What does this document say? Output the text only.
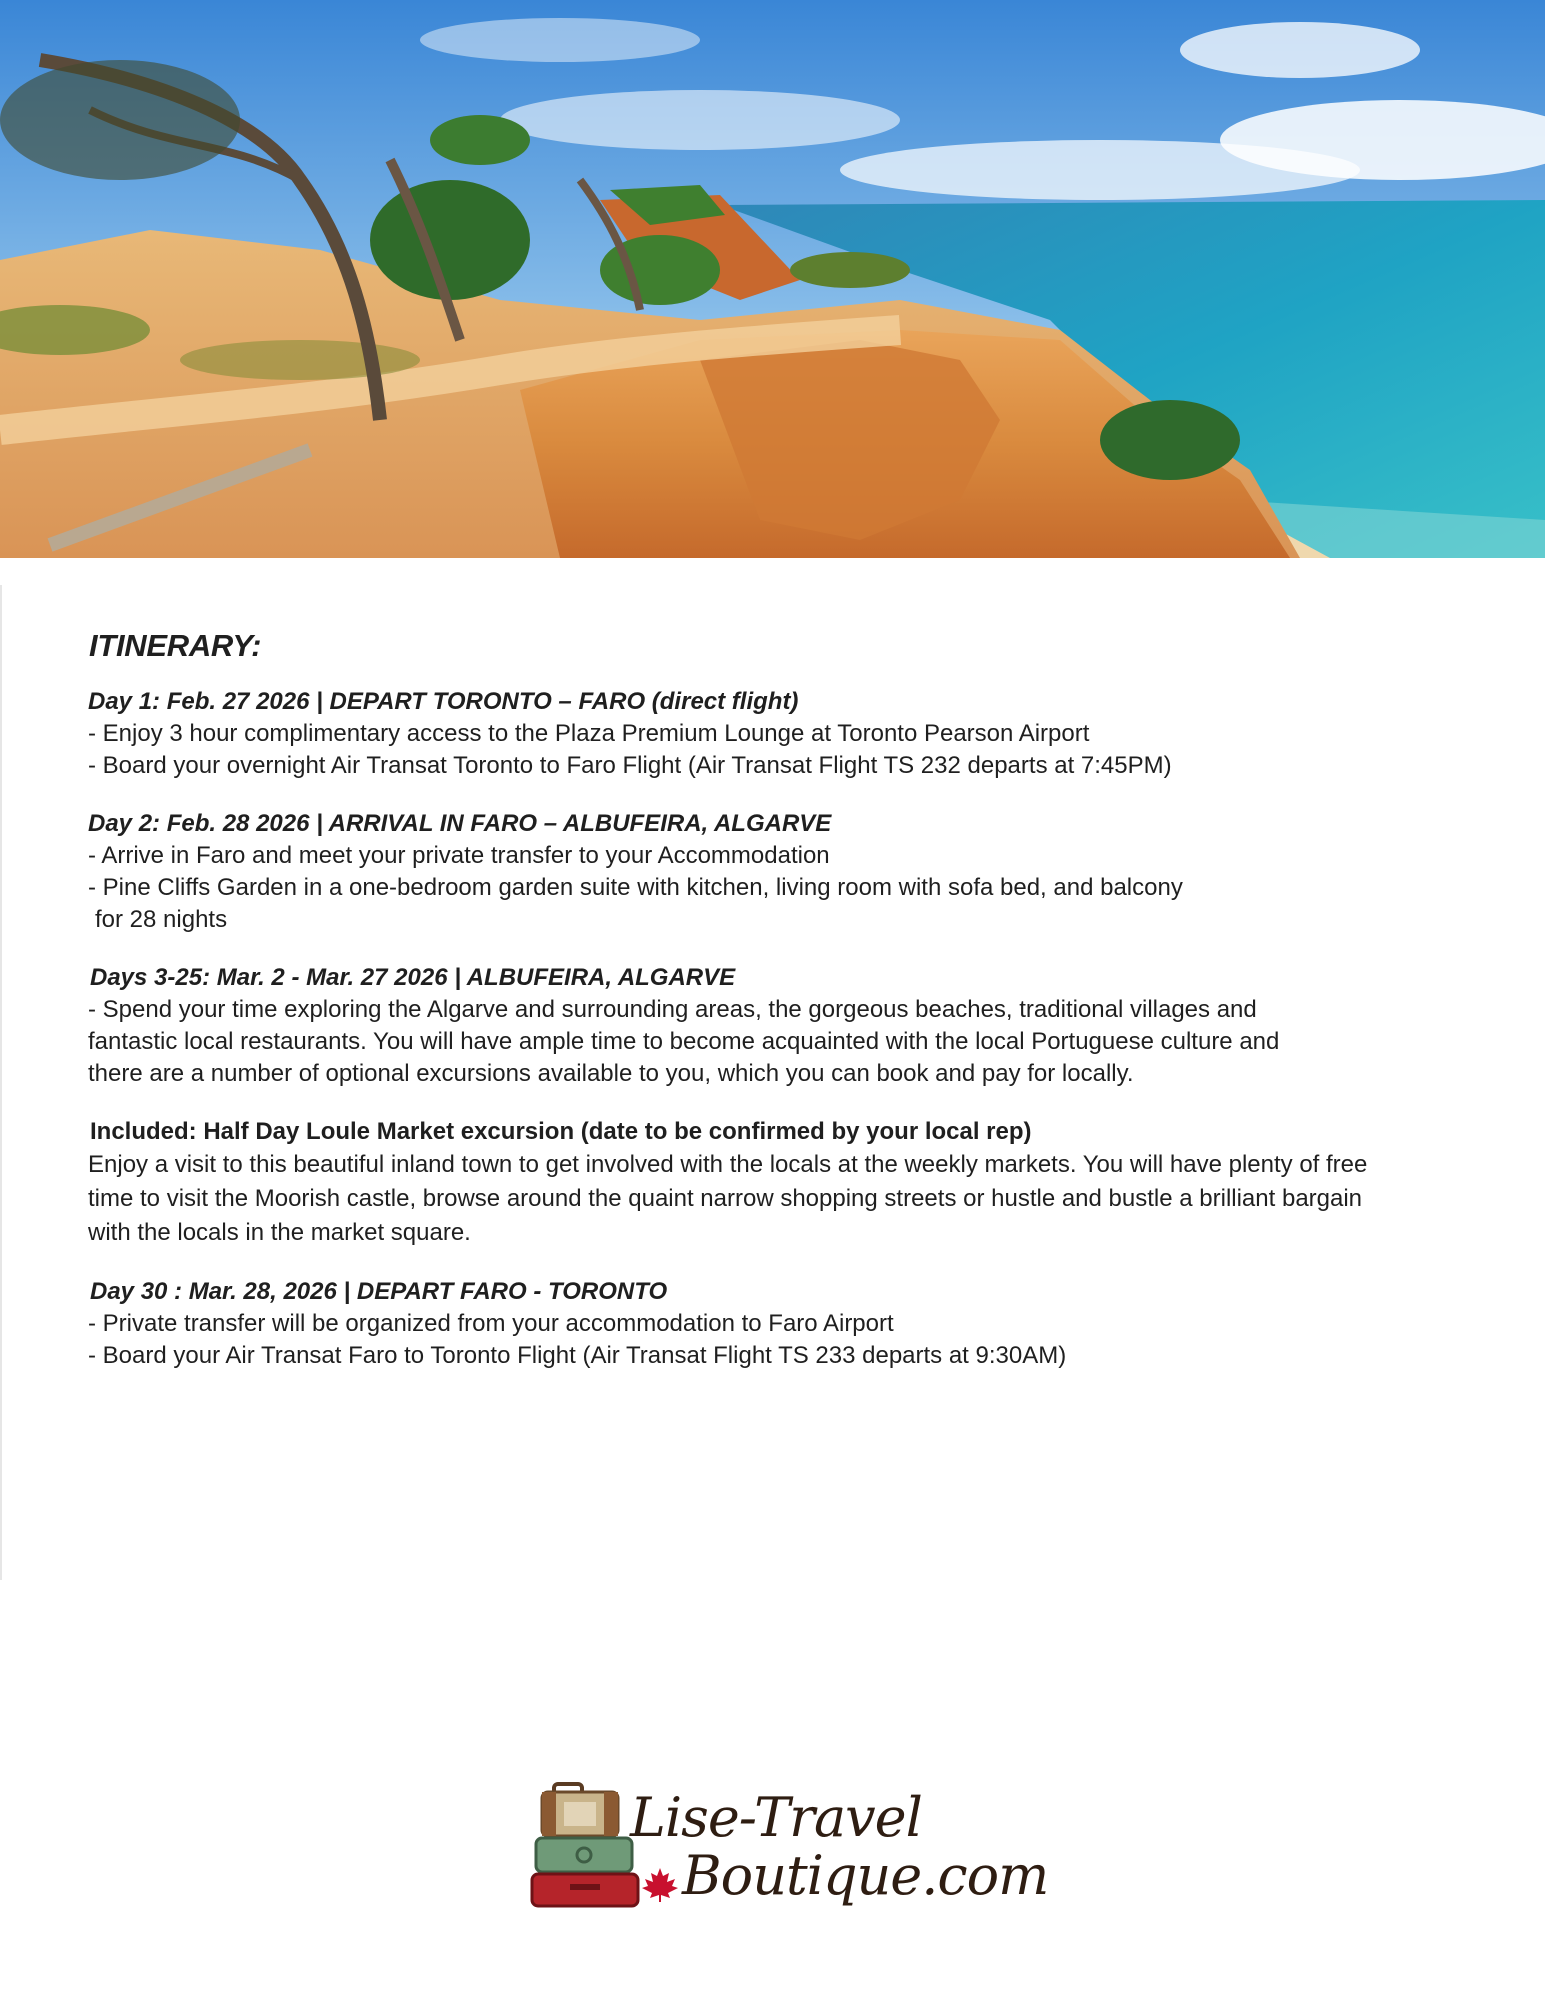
ITINERARY:
Day 1: Feb. 27 2026 | DEPART TORONTO – FARO (direct flight)
- Enjoy 3 hour complimentary access to the Plaza Premium Lounge at Toronto Pearson Airport
- Board your overnight Air Transat Toronto to Faro Flight (Air Transat Flight TS 232 departs at 7:45PM)
Day 2: Feb. 28 2026 | ARRIVAL IN FARO – ALBUFEIRA, ALGARVE
- Arrive in Faro and meet your private transfer to your Accommodation
- Pine Cliffs Garden in a one-bedroom garden suite with kitchen, living room with sofa bed, and balcony
for 28 nights
Days 3-25: Mar. 2 - Mar. 27 2026 | ALBUFEIRA, ALGARVE
- Spend your time exploring the Algarve and surrounding areas, the gorgeous beaches, traditional villages and
fantastic local restaurants. You will have ample time to become acquainted with the local Portuguese culture and
there are a number of optional excursions available to you, which you can book and pay for locally.
Included: Half Day Loule Market excursion (date to be confirmed by your local rep)
Enjoy a visit to this beautiful inland town to get involved with the locals at the weekly markets. You will have plenty of free
time to visit the Moorish castle, browse around the quaint narrow shopping streets or hustle and bustle a brilliant bargain
with the locals in the market square.
Day 30 : Mar. 28, 2026 | DEPART FARO - TORONTO
- Private transfer will be organized from your accommodation to Faro Airport
- Board your Air Transat Faro to Toronto Flight (Air Transat Flight TS 233 departs at 9:30AM)
Lise-Travel
Boutique.com
